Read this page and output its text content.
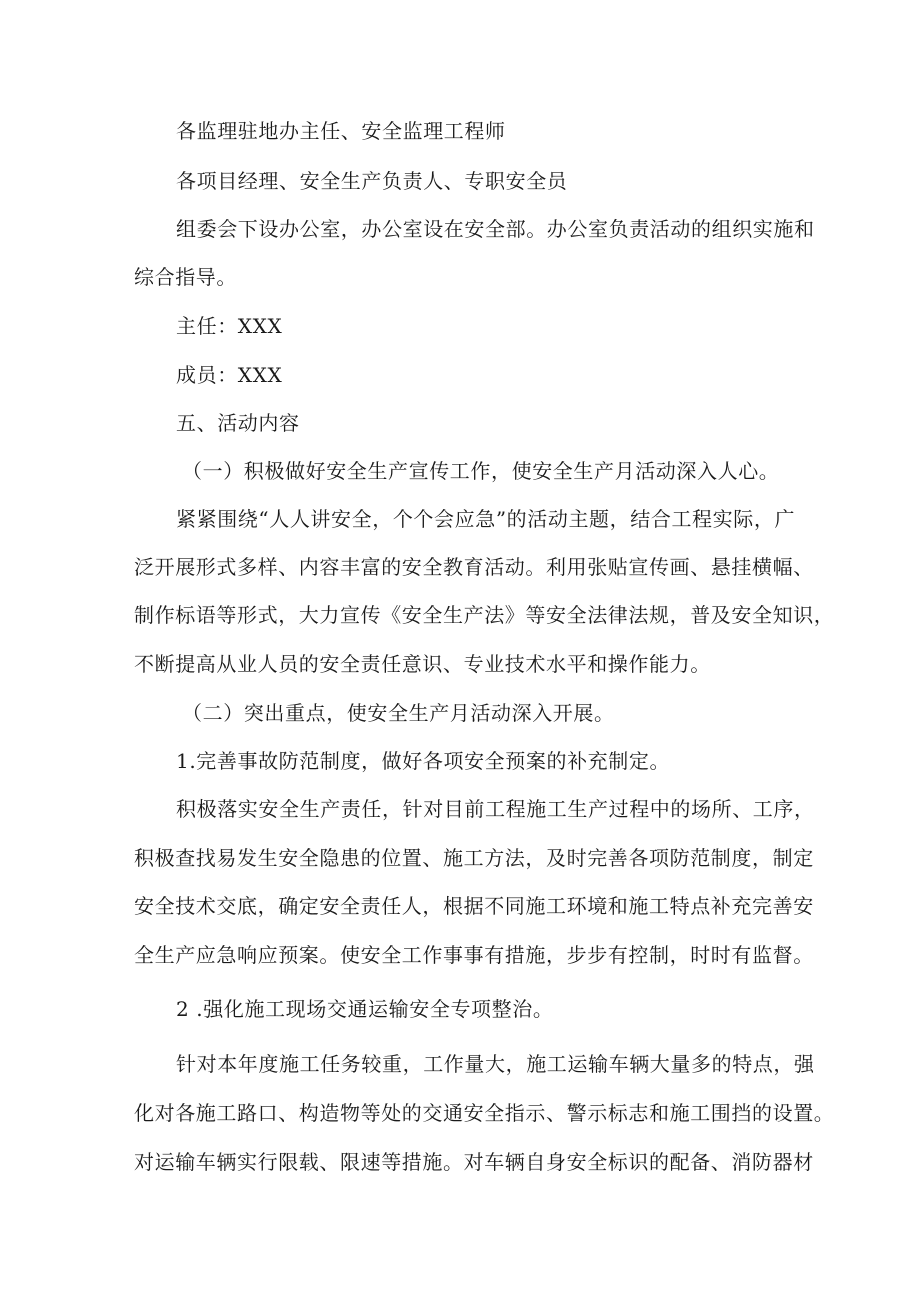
各监理驻地办主任、安全监理工程师
各项目经理、安全生产负责人、专职安全员
组委会下设办公室，办公室设在安全部。办公室负责活动的组织实施和
综合指导。
主任：XXX
成员：XXX
五、活动内容
（一）积极做好安全生产宣传工作，使安全生产月活动深入人心。
紧紧围绕“人人讲安全，个个会应急”的活动主题，结合工程实际，广
泛开展形式多样、内容丰富的安全教育活动。利用张贴宣传画、悬挂横幅、
制作标语等形式，大力宣传《安全生产法》等安全法律法规，普及安全知识，
不断提高从业人员的安全责任意识、专业技术水平和操作能力。
（二）突出重点，使安全生产月活动深入开展。
1.完善事故防范制度，做好各项安全预案的补充制定。
积极落实安全生产责任，针对目前工程施工生产过程中的场所、工序，
积极查找易发生安全隐患的位置、施工方法，及时完善各项防范制度，制定
安全技术交底，确定安全责任人，根据不同施工环境和施工特点补充完善安
全生产应急响应预案。使安全工作事事有措施，步步有控制，时时有监督。
2 .强化施工现场交通运输安全专项整治。
针对本年度施工任务较重，工作量大，施工运输车辆大量多的特点，强
化对各施工路口、构造物等处的交通安全指示、警示标志和施工围挡的设置。
对运输车辆实行限载、限速等措施。对车辆自身安全标识的配备、消防器材
